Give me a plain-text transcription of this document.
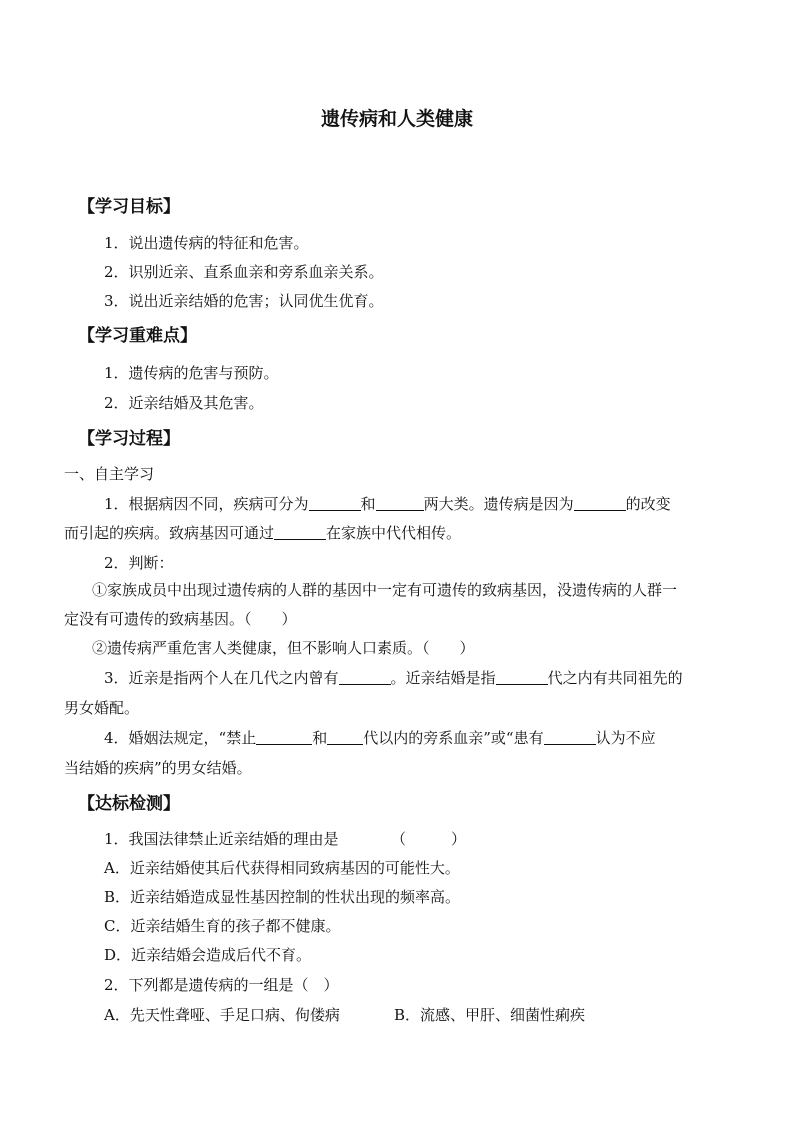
遗传病和人类健康
【学习目标】
1．说出遗传病的特征和危害。
2．识别近亲、直系血亲和旁系血亲关系。
3．说出近亲结婚的危害；认同优生优育。
【学习重难点】
1．遗传病的危害与预防。
2．近亲结婚及其危害。
【学习过程】
一、自主学习
1．根据病因不同，疾病可分为	和	两大类。遗传病是因为	的改变
而引起的疾病。致病基因可通过	在家族中代代相传。
2．判断：
①家族成员中出现过遗传病的人群的基因中一定有可遗传的致病基因，没遗传病的人群一
定没有可遗传的致病基因。（　　）
②遗传病严重危害人类健康，但不影响人口素质。（　　）
3．近亲是指两个人在几代之内曾有	。近亲结婚是指	代之内有共同祖先的
男女婚配。
4．婚姻法规定，“禁止	和 代以内的旁系血亲”或“患有	认为不应
当结婚的疾病”的男女结婚。
【达标检测】
1．我国法律禁止近亲结婚的理由是　　　　（　　　）
A．近亲结婚使其后代获得相同致病基因的可能性大。
B．近亲结婚造成显性基因控制的性状出现的频率高。
C．近亲结婚生育的孩子都不健康。
D．近亲结婚会造成后代不育。
2．下列都是遗传病的一组是（　）
A．先天性聋哑、手足口病、佝偻病	B．流感、甲肝、细菌性痢疾
